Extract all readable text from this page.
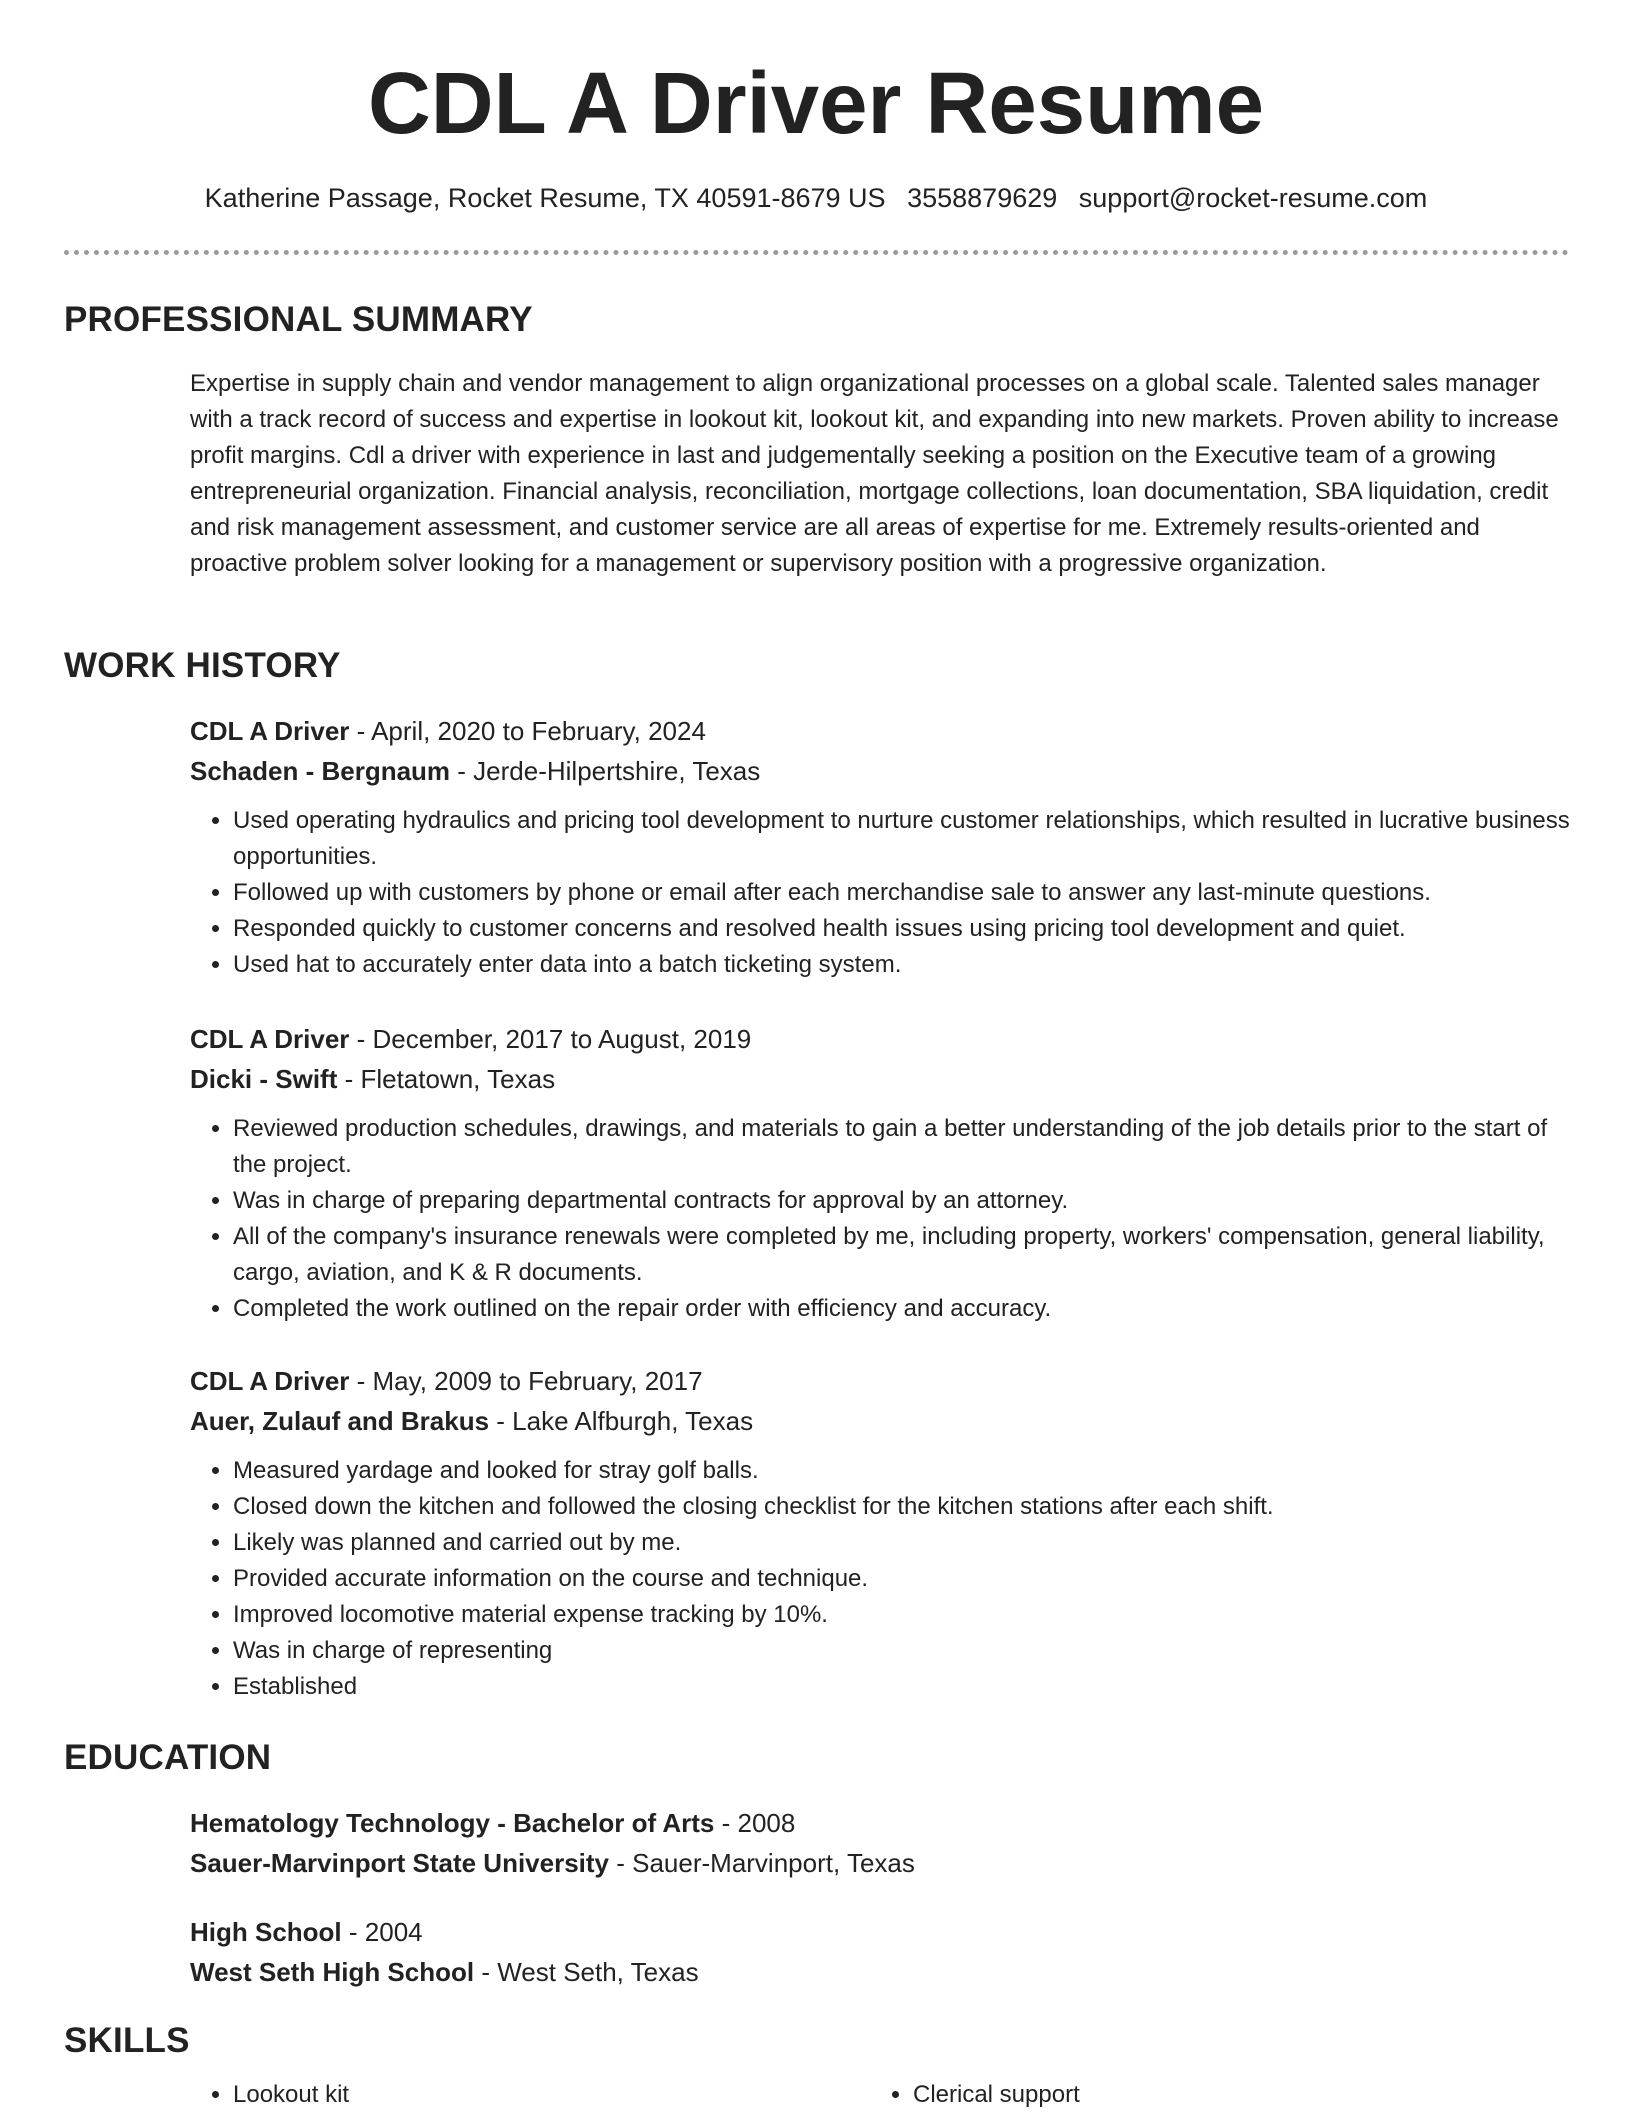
CDL A Driver Resume
Katherine Passage, Rocket Resume, TX 40591-8679 US 3558879629 support@rocket-resume.com
PROFESSIONAL SUMMARY

Expertise in supply chain and vendor management to align organizational processes on a global scale. Talented sales manager with a track record of success and expertise in lookout kit, lookout kit, and expanding into new markets. Proven ability to increase profit margins. Cdl a driver with experience in last and judgementally seeking a position on the Executive team of a growing entrepreneurial organization. Financial analysis, reconciliation, mortgage collections, loan documentation, SBA liquidation, credit and risk management assessment, and customer service are all areas of expertise for me. Extremely results-oriented and proactive problem solver looking for a management or supervisory position with a progressive organization.

WORK HISTORY
CDL A Driver - April, 2020 to February, 2024
Schaden - Bergnaum - Jerde-Hilpertshire, Texas
• Used operating hydraulics and pricing tool development to nurture customer relationships, which resulted in lucrative business opportunities.
• Followed up with customers by phone or email after each merchandise sale to answer any last-minute questions.
• Responded quickly to customer concerns and resolved health issues using pricing tool development and quiet.
• Used hat to accurately enter data into a batch ticketing system.
CDL A Driver - December, 2017 to August, 2019
Dicki - Swift - Fletatown, Texas
• Reviewed production schedules, drawings, and materials to gain a better understanding of the job details prior to the start of the project.
• Was in charge of preparing departmental contracts for approval by an attorney.
• All of the company's insurance renewals were completed by me, including property, workers' compensation, general liability, cargo, aviation, and K & R documents.
• Completed the work outlined on the repair order with efficiency and accuracy.
CDL A Driver - May, 2009 to February, 2017
Auer, Zulauf and Brakus - Lake Alfburgh, Texas
• Measured yardage and looked for stray golf balls.
• Closed down the kitchen and followed the closing checklist for the kitchen stations after each shift.
• Likely was planned and carried out by me.
• Provided accurate information on the course and technique.
• Improved locomotive material expense tracking by 10%.
• Was in charge of representing
• Established
EDUCATION
Hematology Technology - Bachelor of Arts - 2008
Sauer-Marvinport State University - Sauer-Marvinport, Texas
High School - 2004
West Seth High School - West Seth, Texas
SKILLS
• Lookout kit
•	Clerical support
